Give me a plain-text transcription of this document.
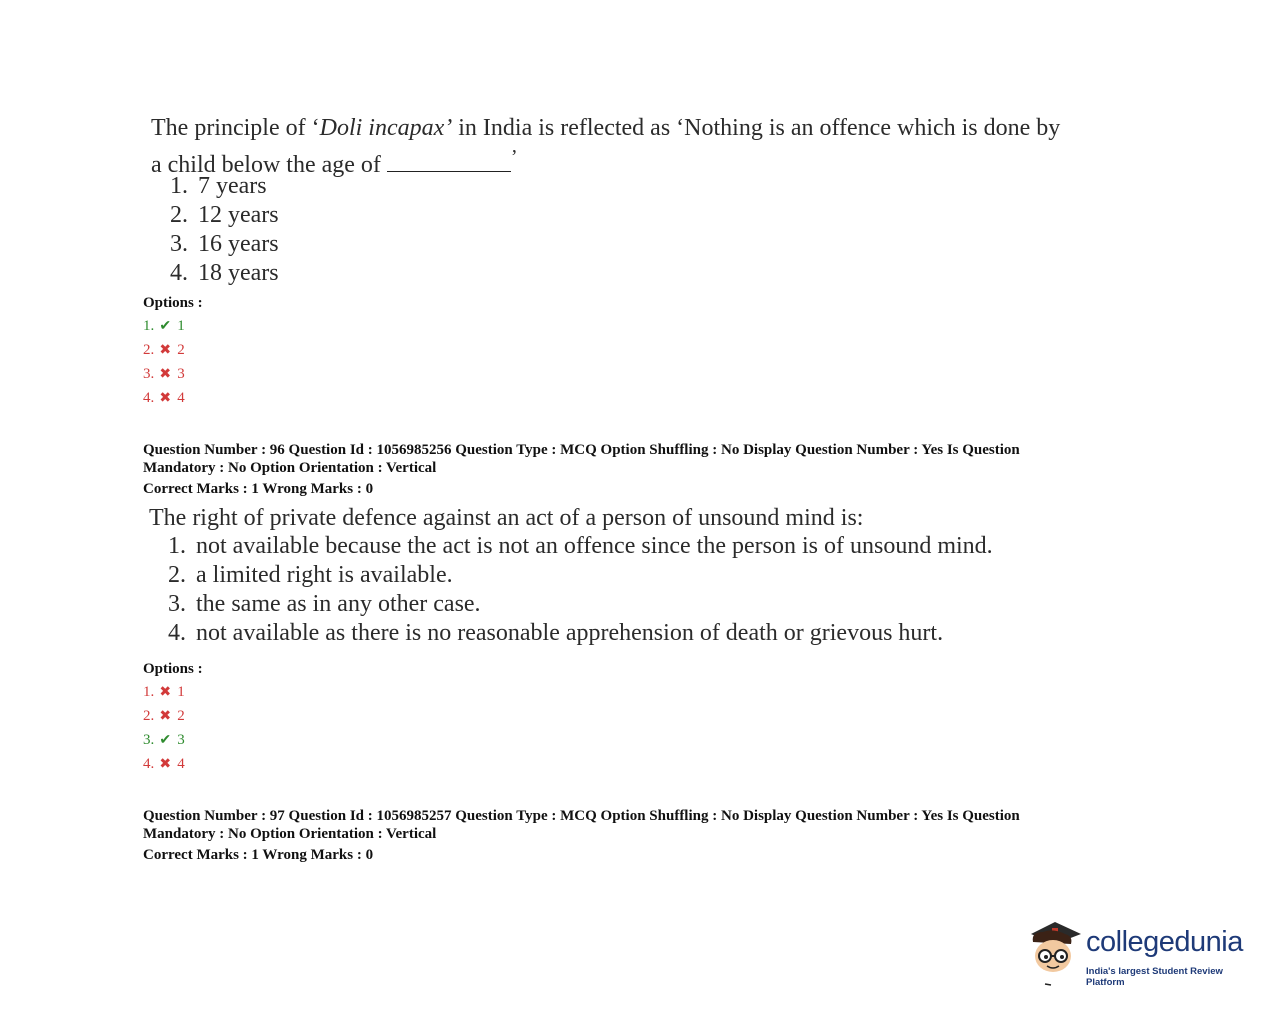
The principle of ‘Doli incapax’ in India is reflected as ‘Nothing is an offence which is done by
a child below the age of	’
1. 7 years
2. 12 years
3. 16 years
4. 18 years
Options :
1. ✔ 1
2. ✖ 2
3. ✖ 3
4. ✖ 4
Question Number : 96 Question Id : 1056985256 Question Type : MCQ Option Shuffling : No Display Question Number : Yes Is Question
Mandatory : No Option Orientation : Vertical
Correct Marks : 1 Wrong Marks : 0
The right of private defence against an act of a person of unsound mind is:
1. not available because the act is not an offence since the person is of unsound mind.
2. a limited right is available.
3. the same as in any other case.
4. not available as there is no reasonable apprehension of death or grievous hurt.
Options :
1. ✖ 1
2. ✖ 2
3. ✔ 3
4. ✖ 4
Question Number : 97 Question Id : 1056985257 Question Type : MCQ Option Shuffling : No Display Question Number : Yes Is Question
Mandatory : No Option Orientation : Vertical
Correct Marks : 1 Wrong Marks : 0
collegedunia
India's largest Student Review Platform
